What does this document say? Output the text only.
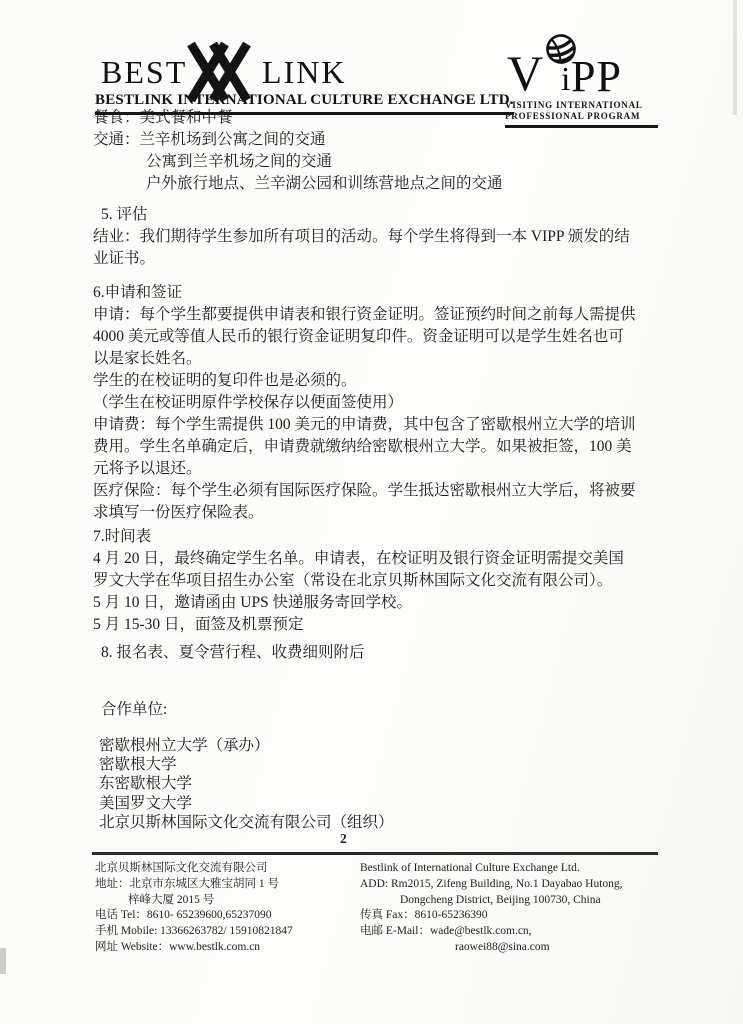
BEST LINK
BESTLINK INTERNATIONAL CULTURE EXCHANGE LTD.
V i PP
VISITING INTERNATIONAL
PROFESSIONAL PROGRAM
餐食：美式餐和中餐
交通：兰辛机场到公寓之间的交通
公寓到兰辛机场之间的交通
户外旅行地点、兰辛湖公园和训练营地点之间的交通
5. 评估
结业：我们期待学生参加所有项目的活动。每个学生将得到一本 VIPP 颁发的结
业证书。
6.申请和签证
申请：每个学生都要提供申请表和银行资金证明。签证预约时间之前每人需提供
4000 美元或等值人民币的银行资金证明复印件。资金证明可以是学生姓名也可
以是家长姓名。
学生的在校证明的复印件也是必须的。
（学生在校证明原件学校保存以便面签使用）
申请费：每个学生需提供 100 美元的申请费，其中包含了密歇根州立大学的培训
费用。学生名单确定后，申请费就缴纳给密歇根州立大学。如果被拒签，100 美
元将予以退还。
医疗保险：每个学生必须有国际医疗保险。学生抵达密歇根州立大学后，将被要
求填写一份医疗保险表。
7.时间表
4 月 20 日，最终确定学生名单。申请表，在校证明及银行资金证明需提交美国
罗文大学在华项目招生办公室（常设在北京贝斯林国际文化交流有限公司）。
5 月 10 日，邀请函由 UPS 快递服务寄回学校。
5 月 15-30 日，面签及机票预定
8. 报名表、夏令营行程、收费细则附后
合作单位:
密歇根州立大学（承办）
密歇根大学
东密歇根大学
美国罗文大学
北京贝斯林国际文化交流有限公司（组织）
2
北京贝斯林国际文化交流有限公司
地址：北京市东城区大雅宝胡同 1 号
梓峰大厦 2015 号
电话 Tel：8610- 65239600,65237090
手机 Mobile: 13366263782/ 15910821847
网址 Website：www.bestlk.com.cn
Bestlink of International Culture Exchange Ltd.
ADD: Rm2015, Zifeng Building, No.1 Dayabao Hutong,
Dongcheng District, Beijing 100730, China
传真 Fax：8610-65236390
电邮 E-Mail：wade@bestlk.com.cn,
raowei88@sina.com
